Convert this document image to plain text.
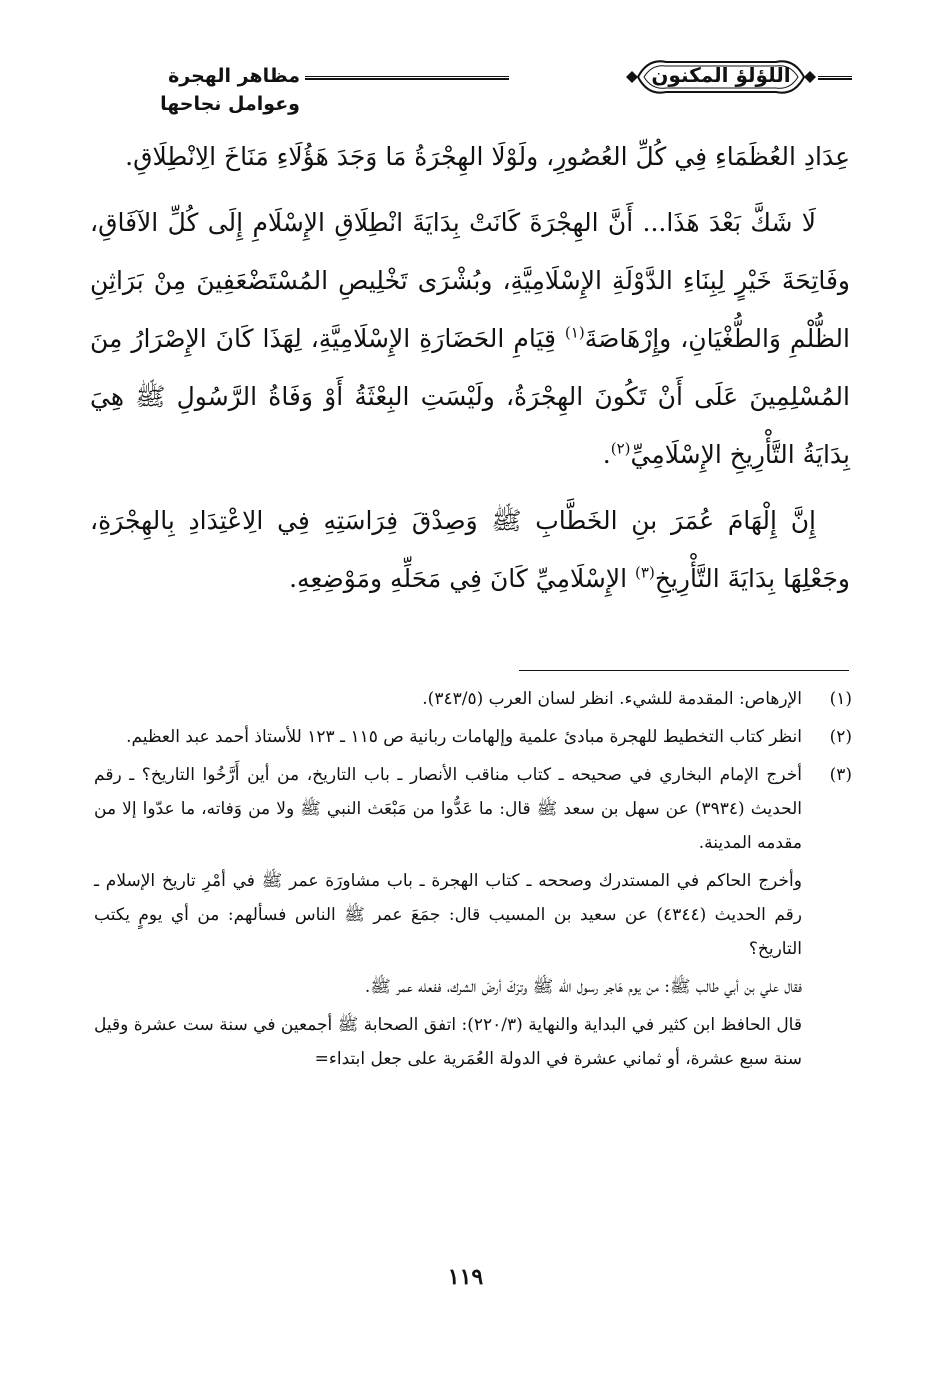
اللؤلؤ المكنون
مظاهر الهجرة وعوامل نجاحها

عِدَادِ العُظَمَاءِ فِي كُلِّ العُصُورِ، ولَوْلَا الهِجْرَةُ مَا وَجَدَ هَؤُلَاءِ مَنَاخَ الِانْطِلَاقِ.

لَا شَكَّ بَعْدَ هَذَا... أَنَّ الهِجْرَةَ كَانَتْ بِدَايَةَ انْطِلَاقِ الإِسْلَامِ إِلَى كُلِّ الآفَاقِ، وفَاتِحَةَ خَيْرٍ لِبِنَاءِ الدَّوْلَةِ الإِسْلَامِيَّةِ، وبُشْرَى تَخْلِيصِ المُسْتَضْعَفِينَ مِنْ بَرَاثِنِ الظُّلْمِ وَالطُّغْيَانِ، وإِرْهَاصَةَ$^{(١)}$ قِيَامِ الحَضَارَةِ الإِسْلَامِيَّةِ، لِهَذَا كَانَ الإِصْرَارُ مِنَ المُسْلِمِينَ عَلَى أَنْ تَكُونَ الهِجْرَةُ، ولَيْسَتِ البِعْثَةُ أَوْ وَفَاةُ الرَّسُولِ ﷺ هِيَ بِدَايَةُ التَّأْرِيخِ الإِسْلَامِيِّ$^{(٢)}$.

إِنَّ إِلْهَامَ عُمَرَ بنِ الخَطَّابِ ﷺ وَصِدْقَ فِرَاسَتِهِ فِي الِاعْتِدَادِ بِالهِجْرَةِ، وجَعْلِهَا بِدَايَةَ التَّأْرِيخِ$^{(٣)}$ الإِسْلَامِيِّ كَانَ فِي مَحَلِّهِ ومَوْضِعِهِ.

(١)
الإرهاص: المقدمة للشيء. انظر لسان العرب (٣٤٣/٥).
(٢)
انظر كتاب التخطيط للهجرة مبادئ علمية وإلهامات ربانية ص ١١٥ ـ ١٢٣ للأستاذ أحمد عبد العظيم.
(٣)
أخرج الإمام البخاري في صحيحه ـ كتاب مناقب الأنصار ـ باب التاريخ، من أين أَرَّخُوا التاريخ؟ ـ رقم الحديث (٣٩٣٤) عن سهل بن سعد ﷺ قال: ما عَدُّوا من مَبْعَث النبي ﷺ ولا من وَفاته، ما عدّوا إلا من مقدمه المدينة.
وأخرج الحاكم في المستدرك وصححه ـ كتاب الهجرة ـ باب مشاورَة عمر ﷺ في أمْرِ تاريخ الإسلام ـ رقم الحديث (٤٣٤٤) عن سعيد بن المسيب قال: جمَعَ عمر ﷺ الناس فسألهم: من أي يومٍ يكتب التاريخ؟
فقال علي بن أبي طالب ﷺ: من يوم هَاجر رسول الله ﷺ وترَكَ أرضَ الشرك، ففعله عمر ﷺ.
قال الحافظ ابن كثير في البداية والنهاية (٢٢٠/٣): اتفق الصحابة ﷺ أجمعين في سنة ست عشرة وقيل سنة سبع عشرة، أو ثماني عشرة في الدولة العُمَرية على جعل ابتداء=
١١٩
